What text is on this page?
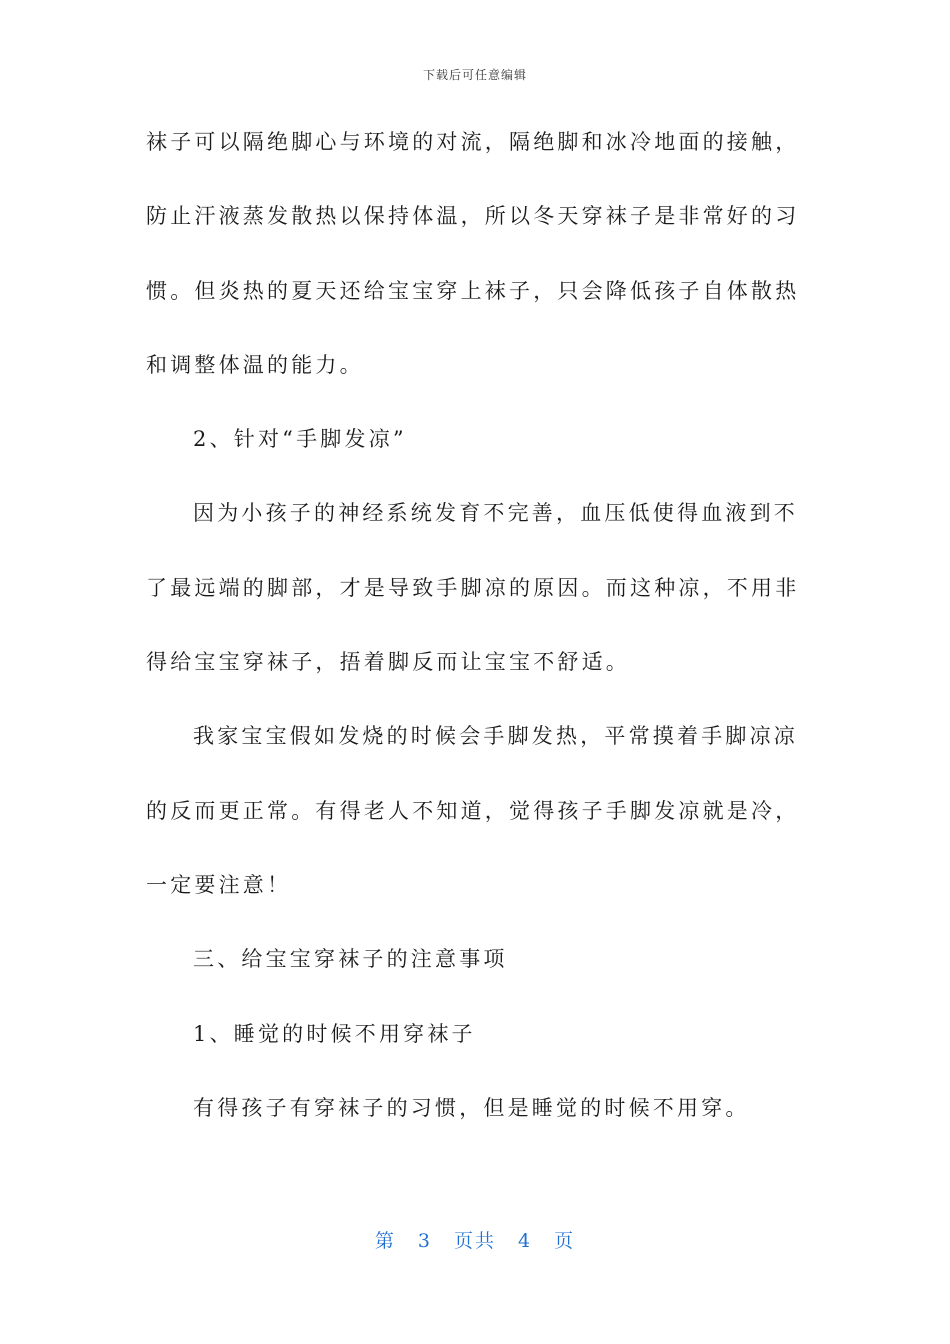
下载后可任意编辑
袜子可以隔绝脚心与环境的对流，隔绝脚和冰冷地面的接触，
防止汗液蒸发散热以保持体温，所以冬天穿袜子是非常好的习
惯。但炎热的夏天还给宝宝穿上袜子，只会降低孩子自体散热
和调整体温的能力。
2、针对“手脚发凉”
因为小孩子的神经系统发育不完善，血压低使得血液到不
了最远端的脚部，才是导致手脚凉的原因。而这种凉，不用非
得给宝宝穿袜子，捂着脚反而让宝宝不舒适。
我家宝宝假如发烧的时候会手脚发热，平常摸着手脚凉凉
的反而更正常。有得老人不知道，觉得孩子手脚发凉就是冷，
一定要注意！
三、给宝宝穿袜子的注意事项
1、睡觉的时候不用穿袜子
有得孩子有穿袜子的习惯，但是睡觉的时候不用穿。
第 3 页共 4 页
